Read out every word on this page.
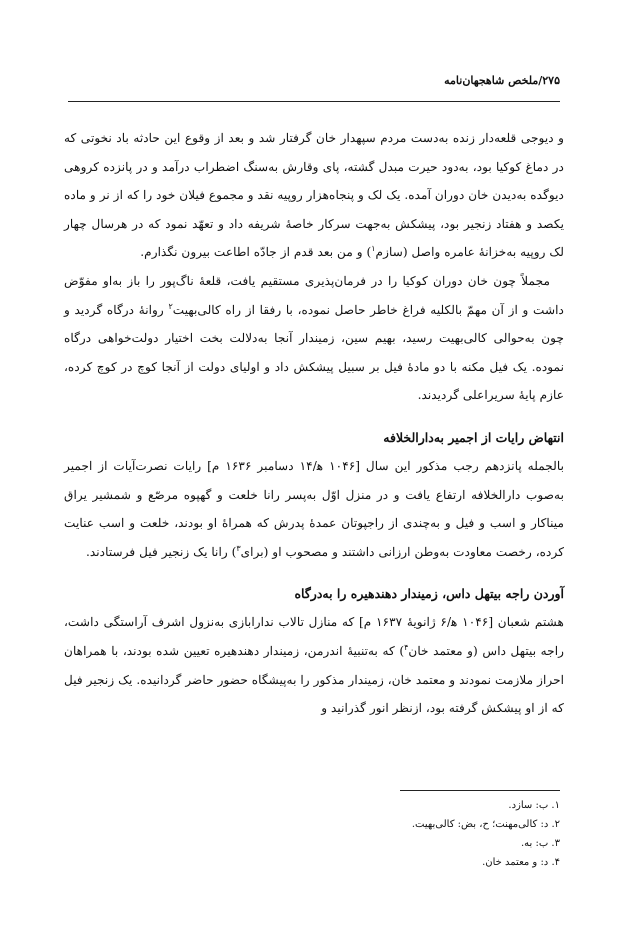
۲۷۵/ملخص شاهجهان‌نامه

و دیوجی قلعه‌دار زنده به‌دست مردم سپهدار خان گرفتار شد و بعد از وقوع این حادثه باد نخوتی که در دماغ کوکیا بود، به‌دود حیرت مبدل گشته، پای وقارش به‌سنگ اضطراب درآمد و در پانزده کروهی دیوگده به‌دیدن خان دوران آمده. یک لک و پنجاه‌هزار روپیه نقد و مجموع فیلان خود را که از نر و ماده یکصد و هفتاد زنجیر بود، پیشکش به‌جهت سرکار خاصهٔ شریفه داد و تعهّد نمود که در هرسال چهار لک روپیه به‌خزانهٔ عامره واصل (سازم$^۱$) و من بعد قدم از جادّه اطاعت بیرون نگذارم.

مجملاً چون خان دوران کوکیا را در فرمان‌پذیری مستقیم یافت، قلعهٔ ناگ‌پور را باز به‌او مفوّض داشت و از آن مهمّ بالکلیه فراغ خاطر حاصل نموده، با رفقا از راه کالی‌بهیت$^۲$ روانهٔ درگاه گردید و چون به‌حوالی کالی‌بهیت رسید، بهیم سین، زمیندار آنجا به‌دلالت بخت اختیار دولت‌خواهی درگاه نموده. یک فیل مکنه با دو مادهٔ فیل بر سبیل پیشکش داد و اولیای دولت از آنجا کوچ در کوچ کرده، عازم پایهٔ سریراعلی گردیدند.

انتهاض رایات از اجمیر به‌دارالخلافه

بالجمله پانزدهم رجب مذکور این سال [۱۰۴۶ ه‍/۱۴ دسامبر ۱۶۳۶ م] رایات نصرت‌آیات از اجمیر به‌صوب دارالخلافه ارتفاع یافت و در منزل اوّل به‌پسر رانا خلعت و گهپوه مرصّع و شمشیر یراق میناکار و اسب و فیل و به‌چندی از راجپوتان عمدهٔ پدرش که همراهٔ او بودند، خلعت و اسب عنایت کرده، رخصت معاودت به‌وطن ارزانی داشتند و مصحوب او (برای$^۳$) رانا یک زنجیر فیل فرستادند.

آوردن راجه بیتهل داس، زمیندار دهندهیره را به‌درگاه

هشتم شعبان [۱۰۴۶ ه‍/۶ ژانویهٔ ۱۶۳۷ م] که منازل تالاب ندارابازی به‌نزول اشرف آراستگی داشت، راجه بیتهل داس (و معتمد خان$^۴$) که به‌تنبیهٔ اندرمن، زمیندار دهندهیره تعیین شده بودند، با همراهان احراز ملازمت نمودند و معتمد خان، زمیندار مذکور را به‌پیشگاه حضور حاضر گردانیده. یک زنجیر فیل که از او پیشکش گرفته بود، ازنظر انور گذرانید و

۱. ب: سازد.
۲. د: کالی‌مهنت؛ ح، بض: کالی‌بهیت.
۳. ب: به.
۴. د: و معتمد خان.
